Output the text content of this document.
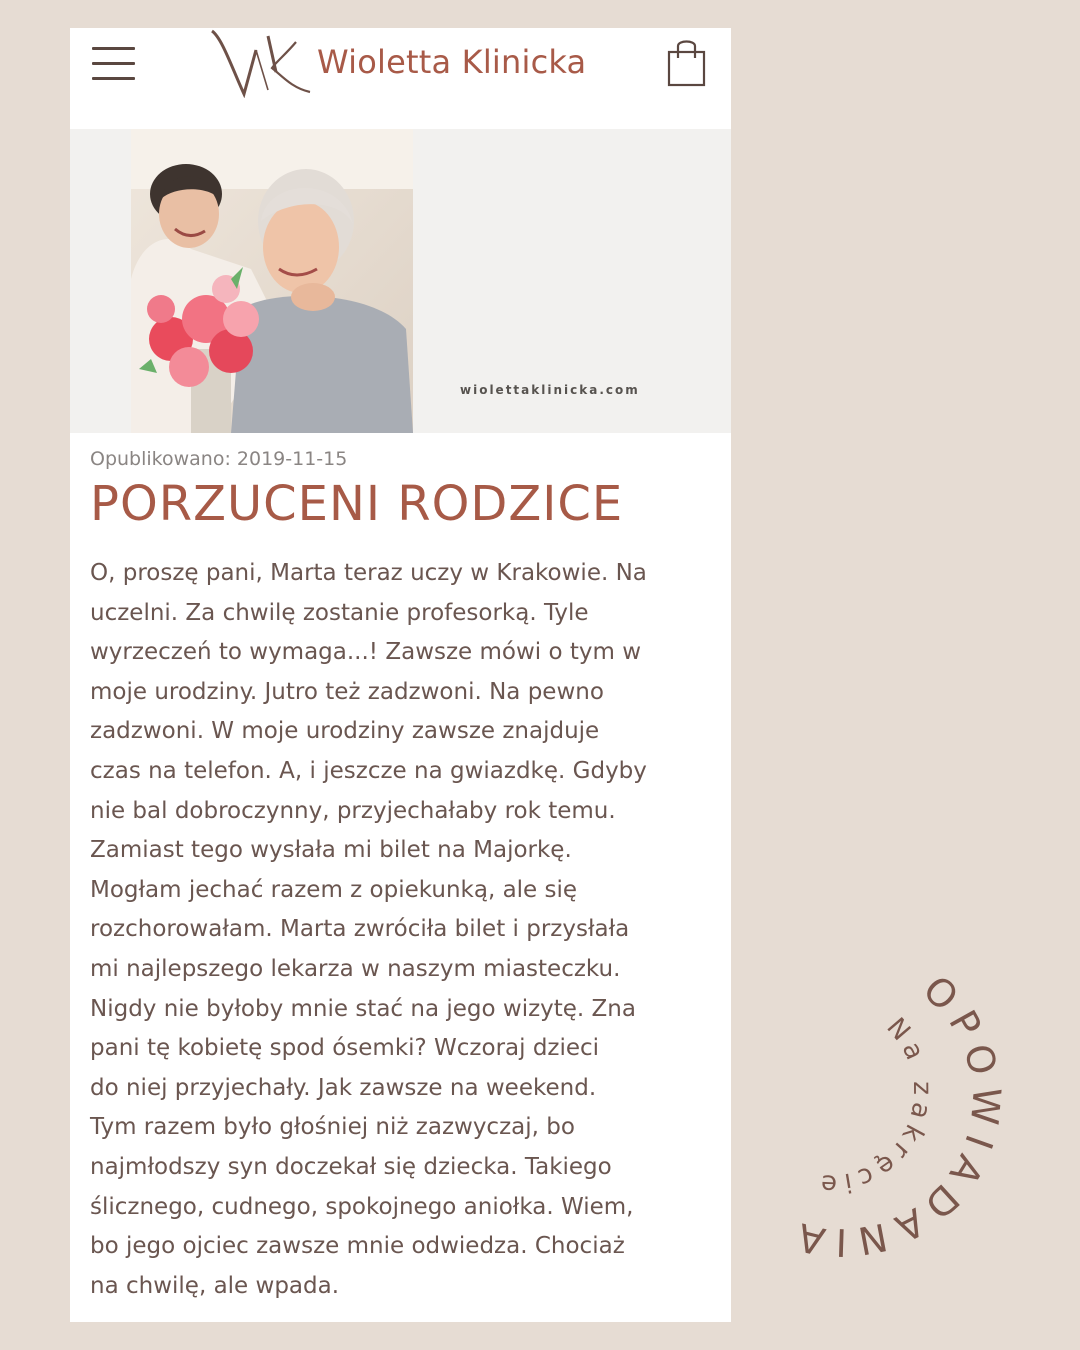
Wioletta Klinicka
wiolettaklinicka.com
Opublikowano: 2019-11-15
PORZUCENI RODZICE
O, proszę pani, Marta teraz uczy w Krakowie. Na
uczelni. Za chwilę zostanie profesorką. Tyle
wyrzeczeń to wymaga...! Zawsze mówi o tym w
moje urodziny. Jutro też zadzwoni. Na pewno
zadzwoni. W moje urodziny zawsze znajduje
czas na telefon. A, i jeszcze na gwiazdkę. Gdyby
nie bal dobroczynny, przyjechałaby rok temu.
Zamiast tego wysłała mi bilet na Majorkę.
Mogłam jechać razem z opiekunką, ale się
rozchorowałam. Marta zwróciła bilet i przysłała
mi najlepszego lekarza w naszym miasteczku.
Nigdy nie byłoby mnie stać na jego wizytę. Zna
pani tę kobietę spod ósemki? Wczoraj dzieci
do niej przyjechały. Jak zawsze na weekend.
Tym razem było głośniej niż zazwyczaj, bo
najmłodszy syn doczekał się dziecka. Takiego
ślicznego, cudnego, spokojnego aniołka. Wiem,
bo jego ojciec zawsze mnie odwiedza. Chociaż
na chwilę, ale wpada.
OPOWIADANIA
Na zakręcie
